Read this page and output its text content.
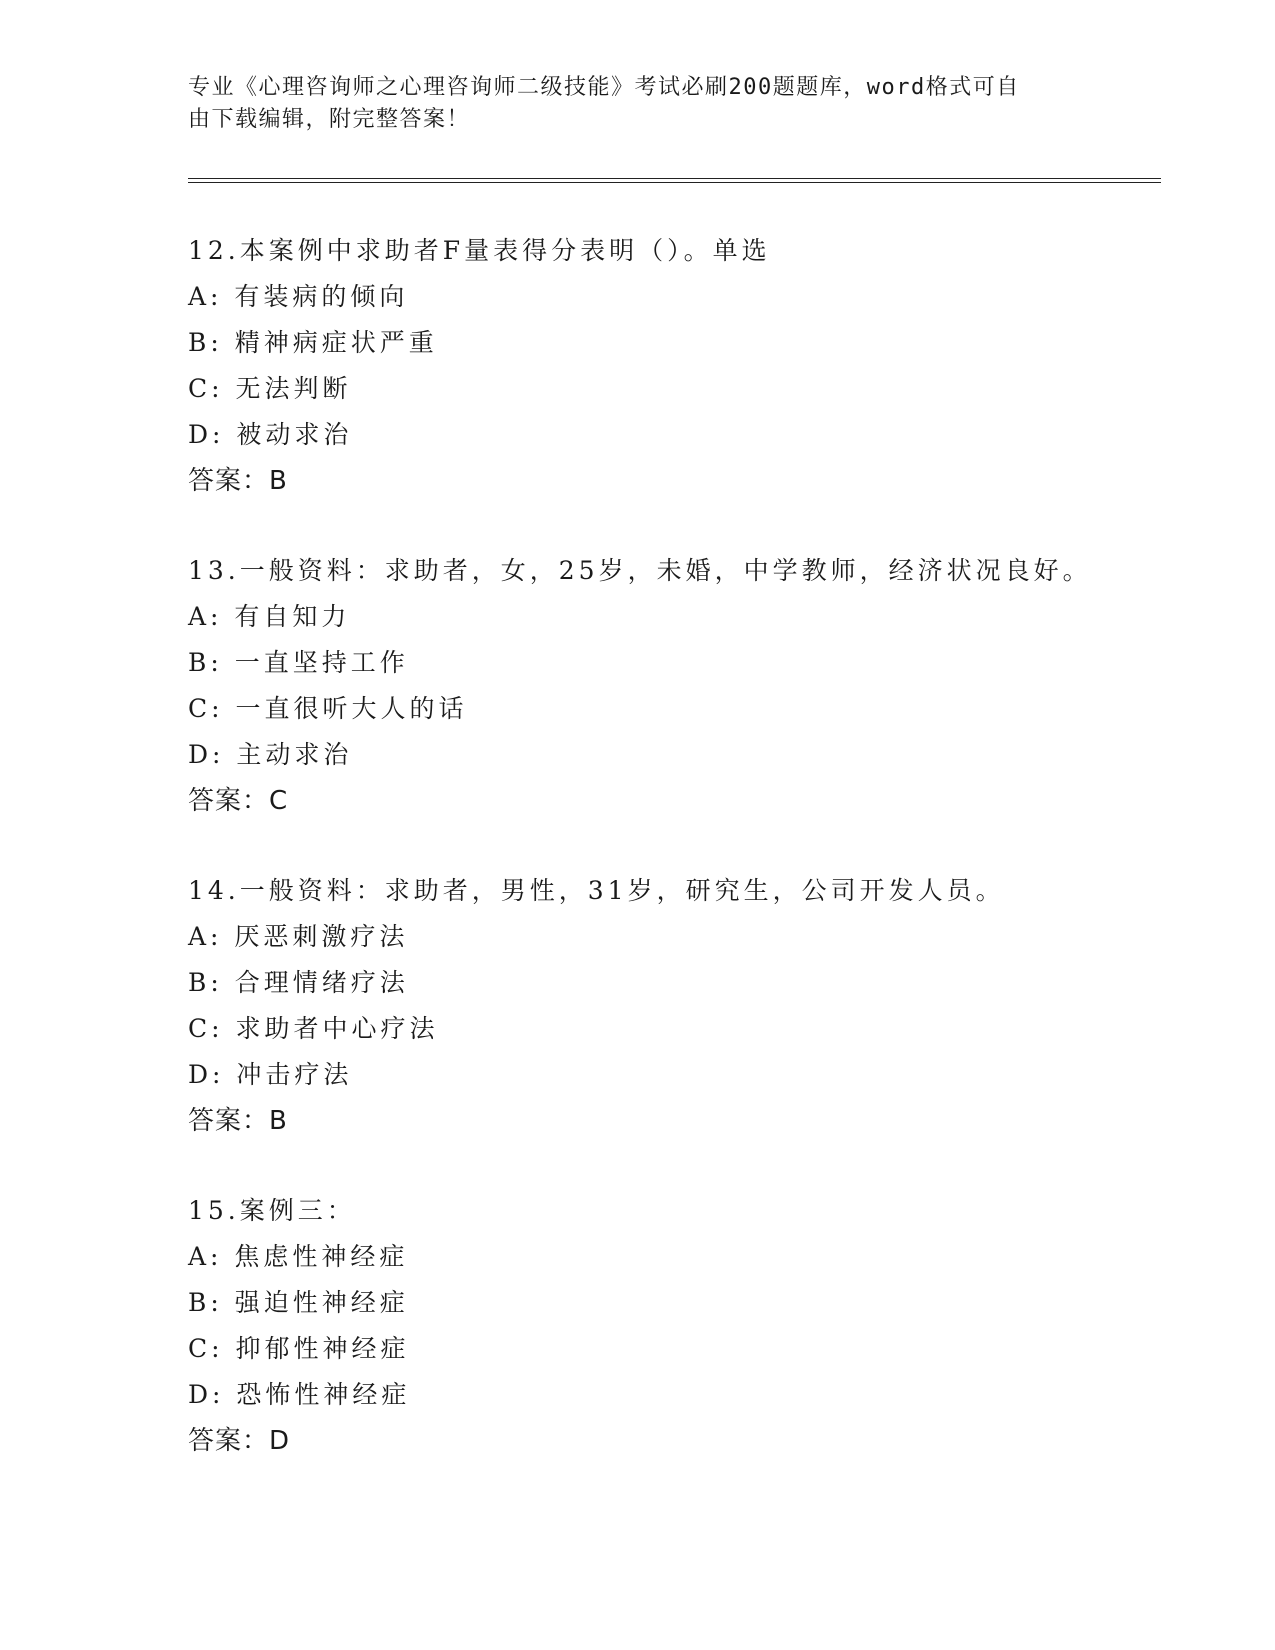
专业《心理咨询师之心理咨询师二级技能》考试必刷200题题库，word格式可自
由下载编辑，附完整答案！
12.本案例中求助者F量表得分表明（）。单选
A: 有装病的倾向
B: 精神病症状严重
C: 无法判断
D: 被动求治
答案：B
13.一般资料：求助者，女，25岁，未婚，中学教师，经济状况良好。
A: 有自知力
B: 一直坚持工作
C: 一直很听大人的话
D: 主动求治
答案：C
14.一般资料：求助者，男性，31岁，研究生，公司开发人员。
A: 厌恶刺激疗法
B: 合理情绪疗法
C: 求助者中心疗法
D: 冲击疗法
答案：B
15.案例三：
A: 焦虑性神经症
B: 强迫性神经症
C: 抑郁性神经症
D: 恐怖性神经症
答案：D
